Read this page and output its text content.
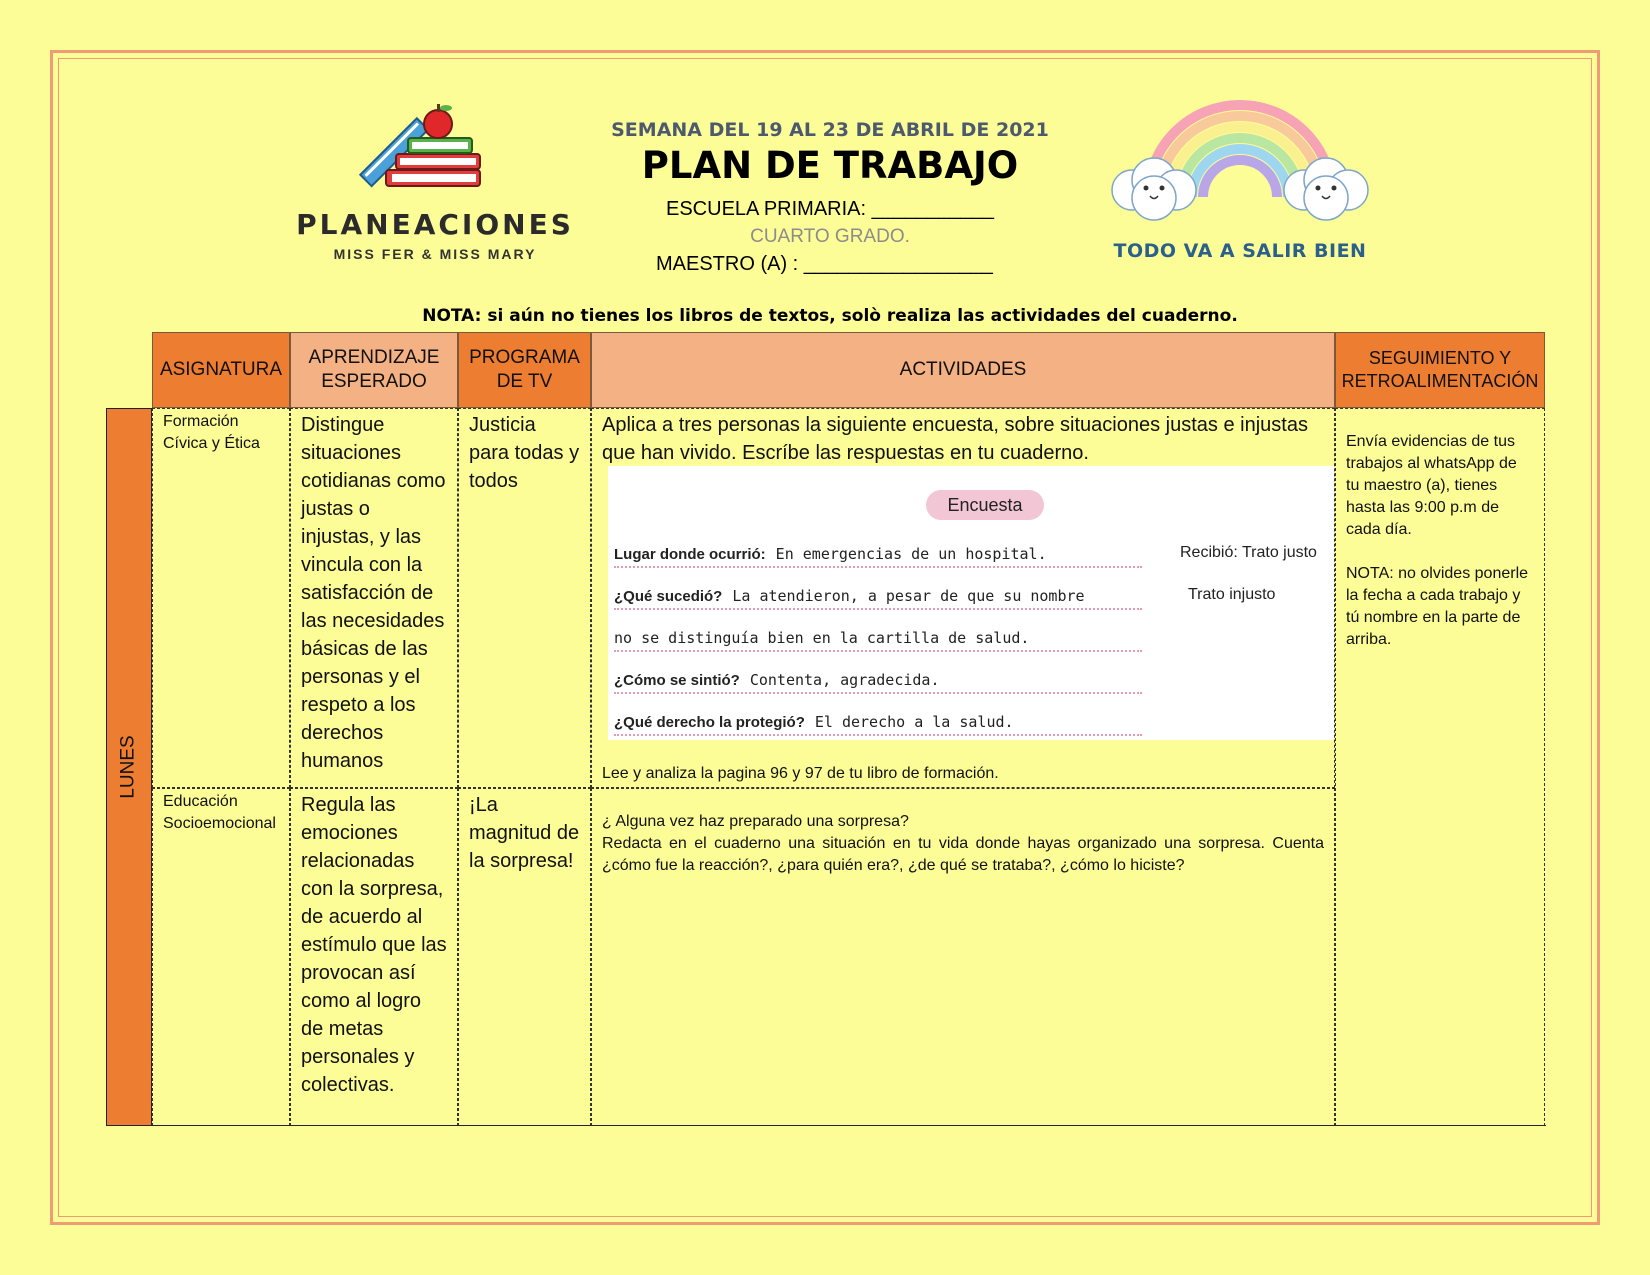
PLANEACIONES
MISS FER & MISS MARY
SEMANA DEL 19 AL 23 DE ABRIL DE 2021
PLAN DE TRABAJO
ESCUELA PRIMARIA: ___________
CUARTO GRADO.
MAESTRO (A) : _________________
TODO VA A SALIR BIEN
NOTA: si aún no tienes los libros de textos, solò realiza las actividades del cuaderno.
ASIGNATURA
APRENDIZAJE ESPERADO
PROGRAMA DE TV
ACTIVIDADES
SEGUIMIENTO Y RETROALIMENTACIÓN
LUNES
Formación Cívica y Ética
Distingue situaciones cotidianas como justas o injustas, y las vincula con la satisfacción de las necesidades básicas de las personas y el respeto a los derechos humanos
Justicia para todas y todos
Aplica a tres personas la siguiente encuesta, sobre situaciones justas e injustas que han vivido. Escríbe las respuestas en tu cuaderno.
Lee y analiza la pagina 96 y 97 de tu libro de formación.
Encuesta
Lugar donde ocurrió: En emergencias de un hospital.
¿Qué sucedió? La atendieron, a pesar de que su nombre
no se distinguía bien en la cartilla de salud.
¿Cómo se sintió? Contenta, agradecida.
¿Qué derecho la protegió? El derecho a la salud.
Recibió: Trato justo
Trato injusto
Educación Socioemocional
Regula las emociones relacionadas con la sorpresa, de acuerdo al estímulo que las provocan así como al logro de metas personales y colectivas.
¡La magnitud de la sorpresa!
¿ Alguna vez haz preparado una sorpresa?
Redacta en el cuaderno una situación en tu vida donde hayas organizado una sorpresa. Cuenta ¿cómo fue la reacción?, ¿para quién era?, ¿de qué se trataba?, ¿cómo lo hiciste?
Envía evidencias de tus trabajos al whatsApp de tu maestro (a), tienes hasta las 9:00 p.m de cada día.
NOTA: no olvides ponerle la fecha a cada trabajo y tú nombre en la parte de arriba.
